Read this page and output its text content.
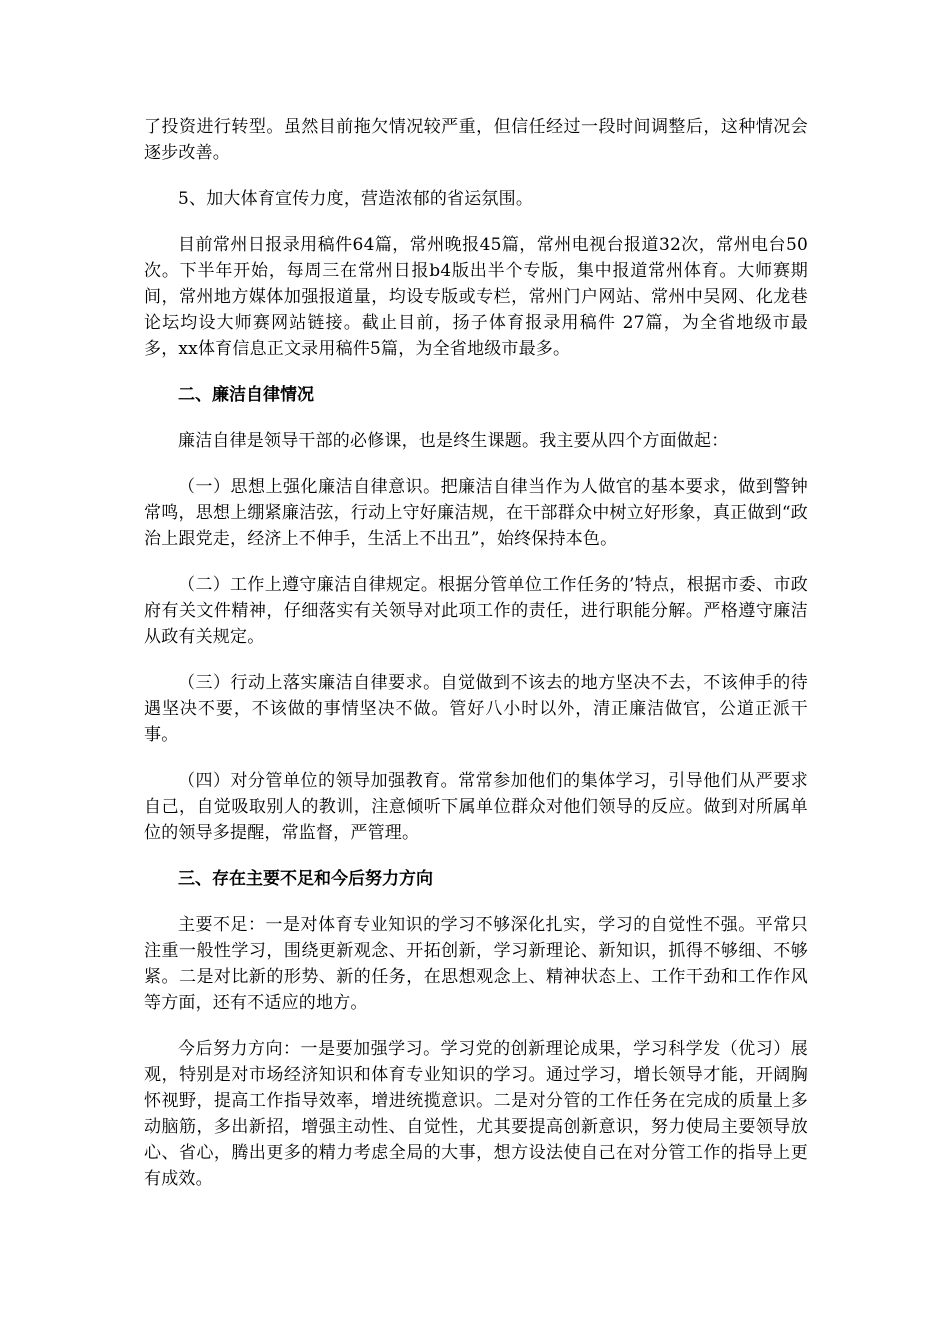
了投资进行转型。虽然目前拖欠情况较严重，但信任经过一段时间调整后，这种情况会逐步改善。

5、加大体育宣传力度，营造浓郁的省运氛围。

目前常州日报录用稿件64篇，常州晚报45篇，常州电视台报道32次，常州电台50次。下半年开始，每周三在常州日报b4版出半个专版，集中报道常州体育。大师赛期间，常州地方媒体加强报道量，均设专版或专栏，常州门户网站、常州中吴网、化龙巷论坛均设大师赛网站链接。截止目前，扬子体育报录用稿件 27篇，为全省地级市最多，xx体育信息正文录用稿件5篇，为全省地级市最多。

二、廉洁自律情况

廉洁自律是领导干部的必修课，也是终生课题。我主要从四个方面做起：

（一）思想上强化廉洁自律意识。把廉洁自律当作为人做官的基本要求，做到警钟常鸣，思想上绷紧廉洁弦，行动上守好廉洁规，在干部群众中树立好形象，真正做到“政治上跟党走，经济上不伸手，生活上不出丑”，始终保持本色。

（二）工作上遵守廉洁自律规定。根据分管单位工作任务的’特点，根据市委、市政府有关文件精神，仔细落实有关领导对此项工作的责任，进行职能分解。严格遵守廉洁从政有关规定。

（三）行动上落实廉洁自律要求。自觉做到不该去的地方坚决不去，不该伸手的待遇坚决不要，不该做的事情坚决不做。管好八小时以外，清正廉洁做官，公道正派干事。

（四）对分管单位的领导加强教育。常常参加他们的集体学习，引导他们从严要求自己，自觉吸取别人的教训，注意倾听下属单位群众对他们领导的反应。做到对所属单位的领导多提醒，常监督，严管理。

三、存在主要不足和今后努力方向

主要不足：一是对体育专业知识的学习不够深化扎实，学习的自觉性不强。平常只注重一般性学习，围绕更新观念、开拓创新，学习新理论、新知识，抓得不够细、不够紧。二是对比新的形势、新的任务，在思想观念上、精神状态上、工作干劲和工作作风等方面，还有不适应的地方。

今后努力方向：一是要加强学习。学习党的创新理论成果，学习科学发（优习）展观，特别是对市场经济知识和体育专业知识的学习。通过学习，增长领导才能，开阔胸怀视野，提高工作指导效率，增进统揽意识。二是对分管的工作任务在完成的质量上多动脑筋，多出新招，增强主动性、自觉性，尤其要提高创新意识，努力使局主要领导放心、省心，腾出更多的精力考虑全局的大事，想方设法使自己在对分管工作的指导上更有成效。
